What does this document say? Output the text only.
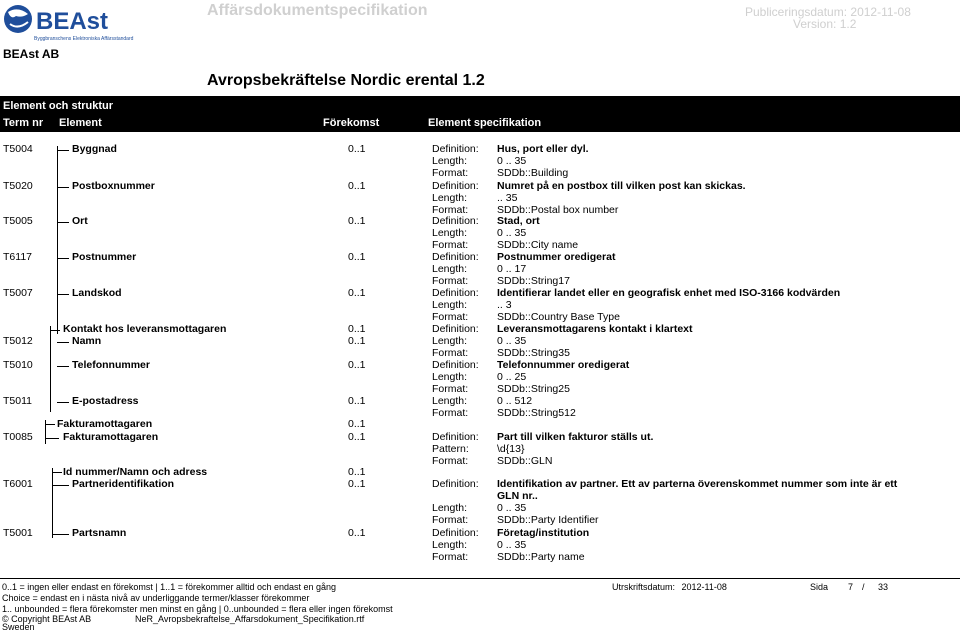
BEAst
Byggbranschens Elektroniska Affärsstandard
Affärsdokumentspecifikation	Publiceringsdatum: 2012-11-08
Version: 1.2
BEAst AB
Avropsbekräftelse Nordic erental 1.2
Element och struktur
Term nr Element	Förekomst	Element specifikation
T5004	Byggnad	0..1	Definition: Hus, port eller dyl.
Length:	0 .. 35
Format:	SDDb::Building
T5020	Postboxnummer	0..1	Definition: Numret på en postbox till vilken post kan skickas.
Length:	.. 35
Format:	SDDb::Postal box number
T5005	Ort	0..1	Definition: Stad, ort
Length:	0 .. 35
Format:	SDDb::City name
T6117	Postnummer	0..1	Definition: Postnummer oredigerat
Length:	0 .. 17
Format:	SDDb::String17
T5007	Landskod	0..1	Definition: Identifierar landet eller en geografisk enhet med ISO-3166 kodvärden
Length:	.. 3
Format:	SDDb::Country Base Type
Kontakt hos leveransmottagaren	0..1	Definition: Leveransmottagarens kontakt i klartext
T5012	Namn	0..1	Length:	0 .. 35
Format:	SDDb::String35
T5010	Telefonnummer	0..1	Definition: Telefonnummer oredigerat
Length:	0 .. 25
Format:	SDDb::String25
T5011	E-postadress	0..1	Length:	0 .. 512
Format:	SDDb::String512
Fakturamottagaren	0..1
T0085	Fakturamottagaren	0..1	Definition: Part till vilken fakturor ställs ut.
Pattern:	\d{13}
Format:	SDDb::GLN
Id nummer/Namn och adress	0..1
T6001	Partneridentifikation	0..1	Definition: Identifikation av partner. Ett av parterna överenskommet nummer som inte är ett
GLN nr..
Length:	0 .. 35
Format:	SDDb::Party Identifier
T5001	Partsnamn	0..1	Definition: Företag/institution
Length:	0 .. 35
Format:	SDDb::Party name
0..1 = ingen eller endast en förekomst | 1..1 = förekommer alltid och endast en gång
Choice = endast en i nästa nivå av underliggande termer/klasser förekommer
1.. unbounded = flera förekomster men minst en gång | 0..unbounded = flera eller ingen förekomst
© Copyright BEAst AB
Sweden
NeR_Avropsbekraftelse_Affarsdokument_Specifikation.rtf
Utrskriftsdatum: 2012-11-08	Sida 7 / 33
